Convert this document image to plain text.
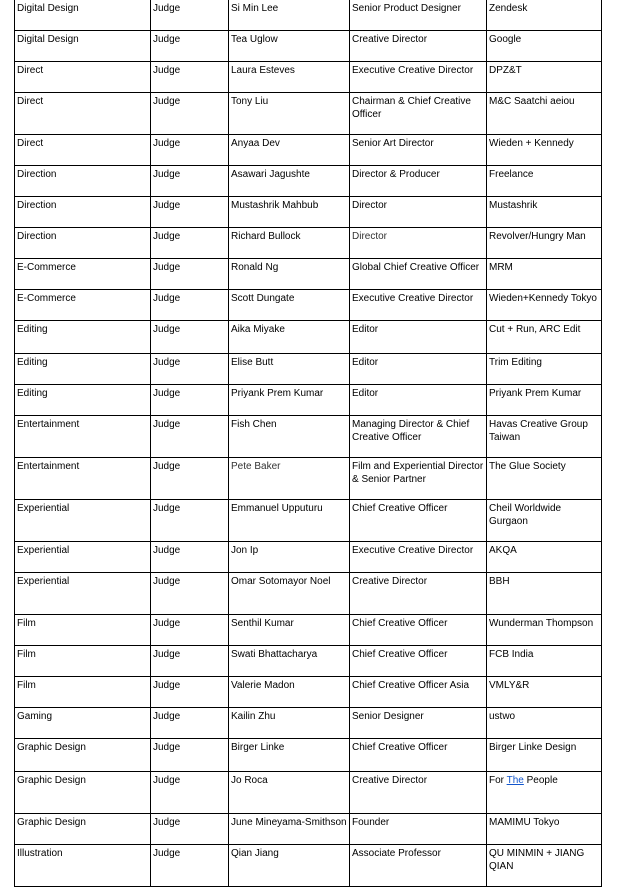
Digital Design	Judge	Si Min Lee	Senior Product Designer	Zendesk
Digital Design	Judge	Tea Uglow	Creative Director	Google
Direct	Judge	Laura Esteves	Executive Creative Director	DPZ&T
Direct	Judge	Tony Liu	Chairman & Chief Creative Officer	M&C Saatchi aeiou
Direct	Judge	Anyaa Dev	Senior Art Director	Wieden + Kennedy
Direction	Judge	Asawari Jagushte	Director & Producer	Freelance
Direction	Judge	Mustashrik Mahbub	Director	Mustashrik
Direction	Judge	Richard Bullock	Director	Revolver/Hungry Man
E-Commerce	Judge	Ronald Ng	Global Chief Creative Officer	MRM
E-Commerce	Judge	Scott Dungate	Executive Creative Director	Wieden+Kennedy Tokyo
Editing	Judge	Aika Miyake	Editor	Cut + Run, ARC Edit
Editing	Judge	Elise Butt	Editor	Trim Editing
Editing	Judge	Priyank Prem Kumar	Editor	Priyank Prem Kumar
Entertainment	Judge	Fish Chen	Managing Director & Chief Creative Officer	Havas Creative Group Taiwan
Entertainment	Judge	Pete Baker	Film and Experiential Director & Senior Partner	The Glue Society
Experiential	Judge	Emmanuel Upputuru	Chief Creative Officer	Cheil Worldwide Gurgaon
Experiential	Judge	Jon Ip	Executive Creative Director	AKQA
Experiential	Judge	Omar Sotomayor Noel	Creative Director	BBH
Film	Judge	Senthil Kumar	Chief Creative Officer	Wunderman Thompson
Film	Judge	Swati Bhattacharya	Chief Creative Officer	FCB India
Film	Judge	Valerie Madon	Chief Creative Officer Asia	VMLY&R
Gaming	Judge	Kailin Zhu	Senior Designer	ustwo
Graphic Design	Judge	Birger Linke	Chief Creative Officer	Birger Linke Design
Graphic Design	Judge	Jo Roca	Creative Director	For The People
Graphic Design	Judge	June Mineyama-Smithson	Founder	MAMIMU Tokyo
Illustration	Judge	Qian Jiang	Associate Professor	QU MINMIN + JIANG QIAN
